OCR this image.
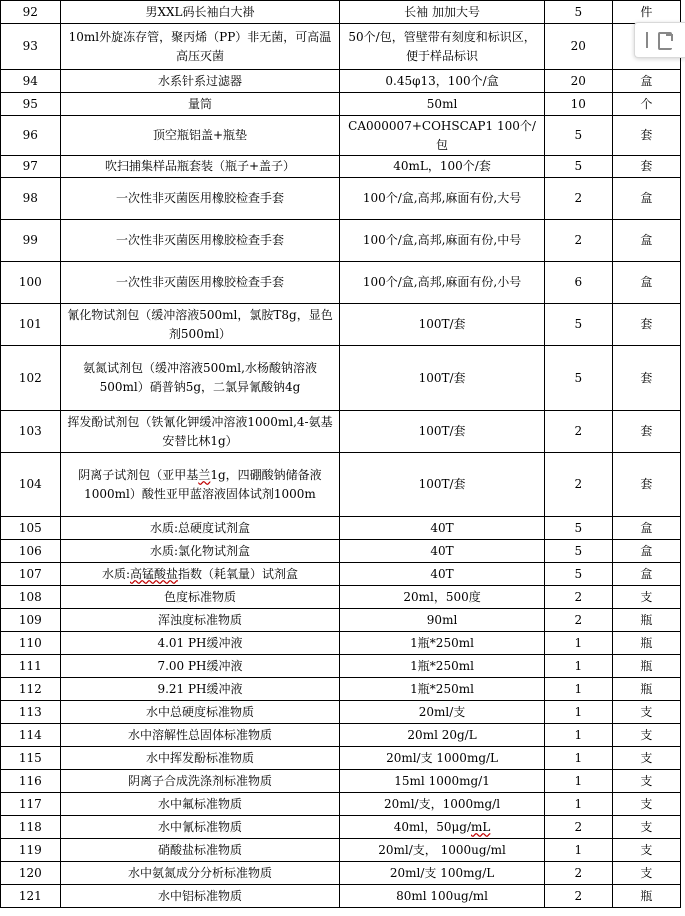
92	男XXL码长袖白大褂	长袖 加加大号	5	件
93	10ml外旋冻存管，聚丙烯（PP）非无菌，可高温高压灭菌	50个/包，管壁带有刻度和标识区，便于样品标识	20	
94	水系针系过滤器	0.45φ13，100个/盒	20	盒
95	量筒	50ml	10	个
96	顶空瓶铝盖+瓶垫	CA000007+COHSCAP1 100个/包	5	套
97	吹扫捕集样品瓶套装（瓶子+盖子）	40mL，100个/套	5	套
98	一次性非灭菌医用橡胶检查手套	100个/盒,高邦,麻面有份,大号	2	盒
99	一次性非灭菌医用橡胶检查手套	100个/盒,高邦,麻面有份,中号	2	盒
100	一次性非灭菌医用橡胶检查手套	100个/盒,高邦,麻面有份,小号	6	盒
101	氰化物试剂包（缓冲溶液500ml，氯胺T8g，显色剂500ml）	100T/套	5	套
102	氨氮试剂包（缓冲溶液500ml,水杨酸钠溶液500ml）硝普钠5g，二氯异氰酸钠4g	100T/套	5	套
103	挥发酚试剂包（铁氰化钾缓冲溶液1000ml,4-氨基安替比林1g）	100T/套	2	套
104	阴离子试剂包（亚甲基兰1g，四硼酸钠储备液1000ml）酸性亚甲蓝溶液固体试剂1000m	100T/套	2	套
105	水质:总硬度试剂盒	40T	5	盒
106	水质:氯化物试剂盒	40T	5	盒
107	水质:高锰酸盐指数（耗氧量）试剂盒	40T	5	盒
108	色度标准物质	20ml，500度	2	支
109	浑浊度标准物质	90ml	2	瓶
110	4.01 PH缓冲液	1瓶*250ml	1	瓶
111	7.00 PH缓冲液	1瓶*250ml	1	瓶
112	9.21 PH缓冲液	1瓶*250ml	1	瓶
113	水中总硬度标准物质	20ml/支	1	支
114	水中溶解性总固体标准物质	20ml 20g/L	1	支
115	水中挥发酚标准物质	20ml/支 1000mg/L	1	支
116	阴离子合成洗涤剂标准物质	15ml 1000mg/1	1	支
117	水中氟标准物质	20ml/支，1000mg/l	1	支
118	水中氰标准物质	40ml，50μg/mL	2	支
119	硝酸盐标准物质	20ml/支， 1000ug/ml	1	支
120	水中氨氮成分分析标准物质	20ml/支 100mg/L	2	支
121	水中铝标准物质	80ml 100ug/ml	2	瓶
